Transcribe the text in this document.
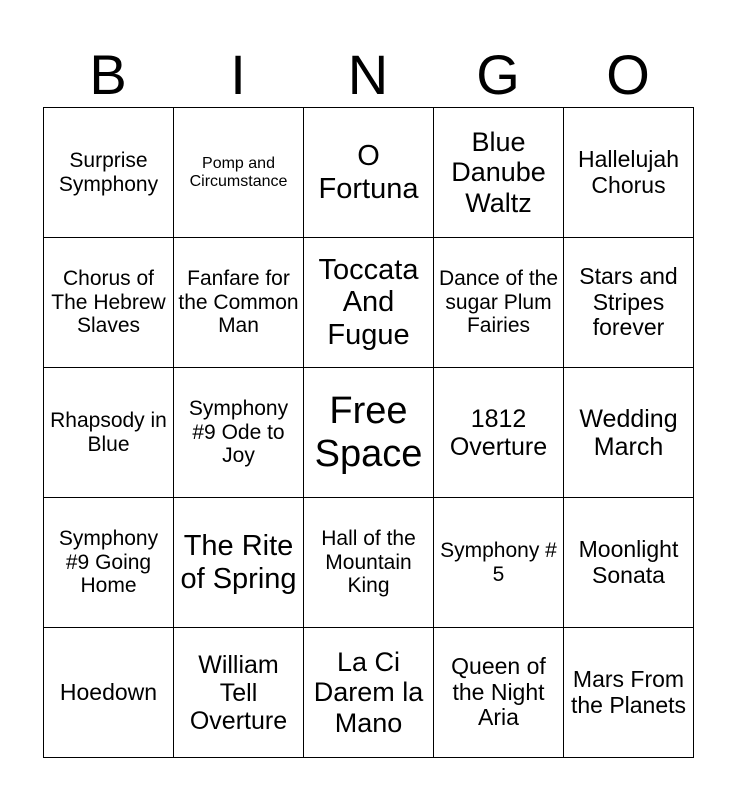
B	I	N	G	O
Surprise Symphony	Pomp and Circumstance	O Fortuna	Blue Danube Waltz	Hallelujah Chorus
Chorus of The Hebrew Slaves	Fanfare for the Common Man	Toccata And Fugue	Dance of the sugar Plum Fairies	Stars and Stripes forever
Rhapsody in Blue	Symphony #9 Ode to Joy	Free Space	1812 Overture	Wedding March
Symphony #9 Going Home	The Rite of Spring	Hall of the Mountain King	Symphony # 5	Moonlight Sonata
Hoedown	William Tell Overture	La Ci Darem la Mano	Queen of the Night Aria	Mars From the Planets
